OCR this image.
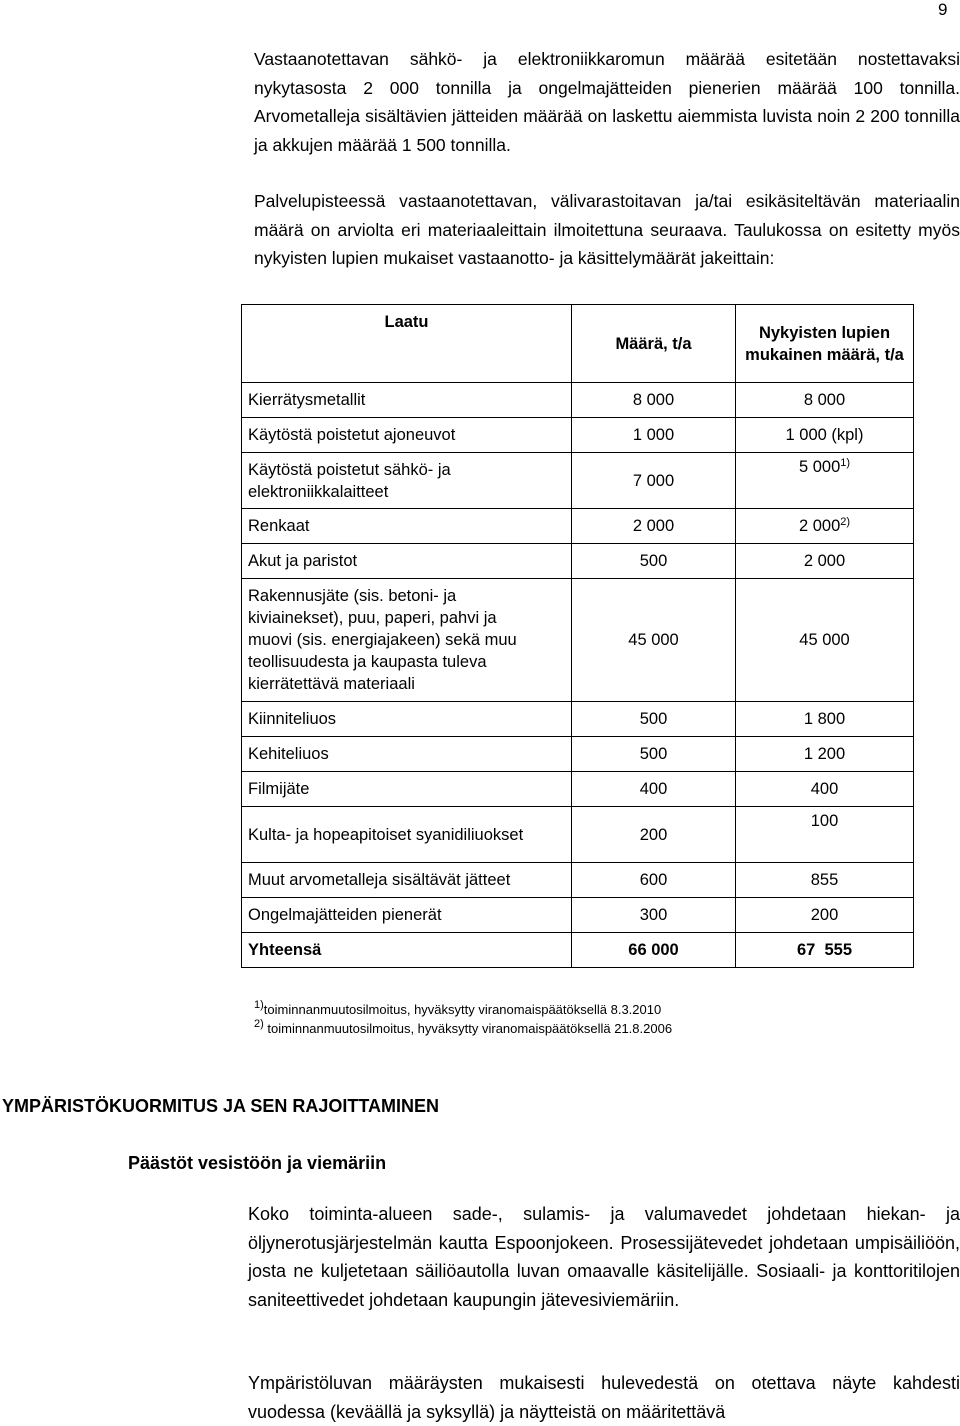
9

Vastaanotettavan sähkö- ja elektroniikkaromun määrää esitetään nostettavaksi nykytasosta 2 000 tonnilla ja ongelmajätteiden pienerien määrää 100 tonnilla. Arvometalleja sisältävien jätteiden määrää on laskettu aiemmista luvista noin 2 200 tonnilla ja akkujen määrää 1 500 tonnilla.

Palvelupisteessä vastaanotettavan, välivarastoitavan ja/tai esikäsiteltävän materiaalin määrä on arviolta eri materiaaleittain ilmoitettuna seuraava. Taulukossa on esitetty myös nykyisten lupien mukaiset vastaanotto- ja käsittelymäärät jakeittain:

Laatu	Määrä, t/a	Nykyisten lupien mukainen määrä, t/a
Kierrätysmetallit	8 000	8 000
Käytöstä poistetut ajoneuvot	1 000	1 000 (kpl)
Käytöstä poistetut sähkö- ja elektroniikkalaitteet	7 000	5 000$^{1)}$
Renkaat	2 000	2 000$^{2)}$
Akut ja paristot	500	2 000
Rakennusjäte (sis. betoni- ja kiviainekset), puu, paperi, pahvi ja muovi (sis. energiajakeen) sekä muu teollisuudesta ja kaupasta tuleva kierrätettävä materiaali	45 000	45 000
Kiinniteliuos	500	1 800
Kehiteliuos	500	1 200
Filmijäte	400	400
Kulta- ja hopeapitoiset syanidiliuokset	200	100
Muut arvometalleja sisältävät jätteet	600	855
Ongelmajätteiden pienerät	300	200
Yhteensä	66 000	67  555

$^{1)}$toiminnanmuutosilmoitus, hyväksytty viranomaispäätöksellä 8.3.2010

$^{2)}$ toiminnanmuutosilmoitus, hyväksytty viranomaispäätöksellä 21.8.2006

YMPÄRISTÖKUORMITUS JA SEN RAJOITTAMINEN
Päästöt vesistöön ja viemäriin

Koko toiminta-alueen sade-, sulamis- ja valumavedet johdetaan hiekan- ja öljynerotusjärjestelmän kautta Espoonjokeen. Prosessijätevedet johdetaan umpisäiliöön, josta ne kuljetetaan säiliöautolla luvan omaavalle käsitelijälle. Sosiaali- ja konttoritilojen saniteettivedet johdetaan kaupungin jätevesiviemäriin.

Ympäristöluvan määräysten mukaisesti hulevedestä on otettava näyte kahdesti vuodessa (keväällä ja syksyllä) ja näytteistä on määritettävä
